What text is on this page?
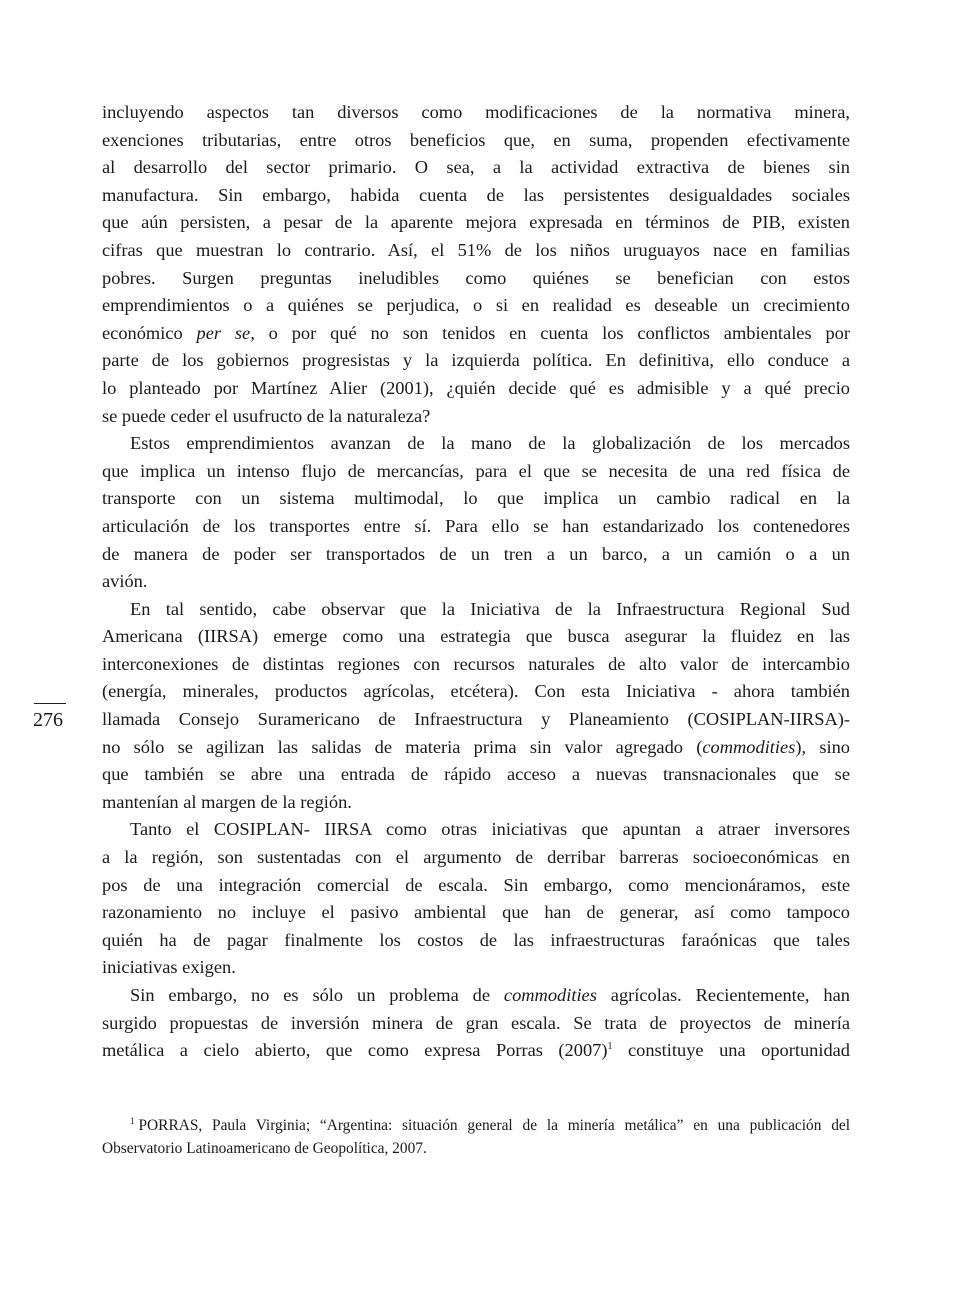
incluyendo aspectos tan diversos como modificaciones de la normativa minera,
exenciones tributarias, entre otros beneficios que, en suma, propenden efectivamente
al desarrollo del sector primario. O sea, a la actividad extractiva de bienes sin
manufactura. Sin embargo, habida cuenta de las persistentes desigualdades sociales
que aún persisten, a pesar de la aparente mejora expresada en términos de PIB, existen
cifras que muestran lo contrario. Así, el 51% de los niños uruguayos nace en familias
pobres. Surgen preguntas ineludibles como quiénes se benefician con estos
emprendimientos o a quiénes se perjudica, o si en realidad es deseable un crecimiento
económico per se, o por qué no son tenidos en cuenta los conflictos ambientales por
parte de los gobiernos progresistas y la izquierda política. En definitiva, ello conduce a
lo planteado por Martínez Alier (2001), ¿quién decide qué es admisible y a qué precio
se puede ceder el usufructo de la naturaleza?

Estos emprendimientos avanzan de la mano de la globalización de los mercados
que implica un intenso flujo de mercancías, para el que se necesita de una red física de
transporte con un sistema multimodal, lo que implica un cambio radical en la
articulación de los transportes entre sí. Para ello se han estandarizado los contenedores
de manera de poder ser transportados de un tren a un barco, a un camión o a un
avión.

En tal sentido, cabe observar que la Iniciativa de la Infraestructura Regional Sud
Americana (IIRSA) emerge como una estrategia que busca asegurar la fluidez en las
interconexiones de distintas regiones con recursos naturales de alto valor de intercambio
(energía, minerales, productos agrícolas, etcétera). Con esta Iniciativa - ahora también
llamada Consejo Suramericano de Infraestructura y Planeamiento (COSIPLAN-IIRSA)-
no sólo se agilizan las salidas de materia prima sin valor agregado (commodities), sino
que también se abre una entrada de rápido acceso a nuevas transnacionales que se
mantenían al margen de la región.

Tanto el COSIPLAN- IIRSA como otras iniciativas que apuntan a atraer inversores
a la región, son sustentadas con el argumento de derribar barreras socioeconómicas en
pos de una integración comercial de escala. Sin embargo, como mencionáramos, este
razonamiento no incluye el pasivo ambiental que han de generar, así como tampoco
quién ha de pagar finalmente los costos de las infraestructuras faraónicas que tales
iniciativas exigen.

Sin embargo, no es sólo un problema de commodities agrícolas. Recientemente, han
surgido propuestas de inversión minera de gran escala. Se trata de proyectos de minería
metálica a cielo abierto, que como expresa Porras $(2007)^1$ constituye una oportunidad

276

$^1$ PORRAS, Paula Virginia; “Argentina: situación general de la minería metálica” en una publicación del
Observatorio Latinoamericano de Geopolítica, 2007.
